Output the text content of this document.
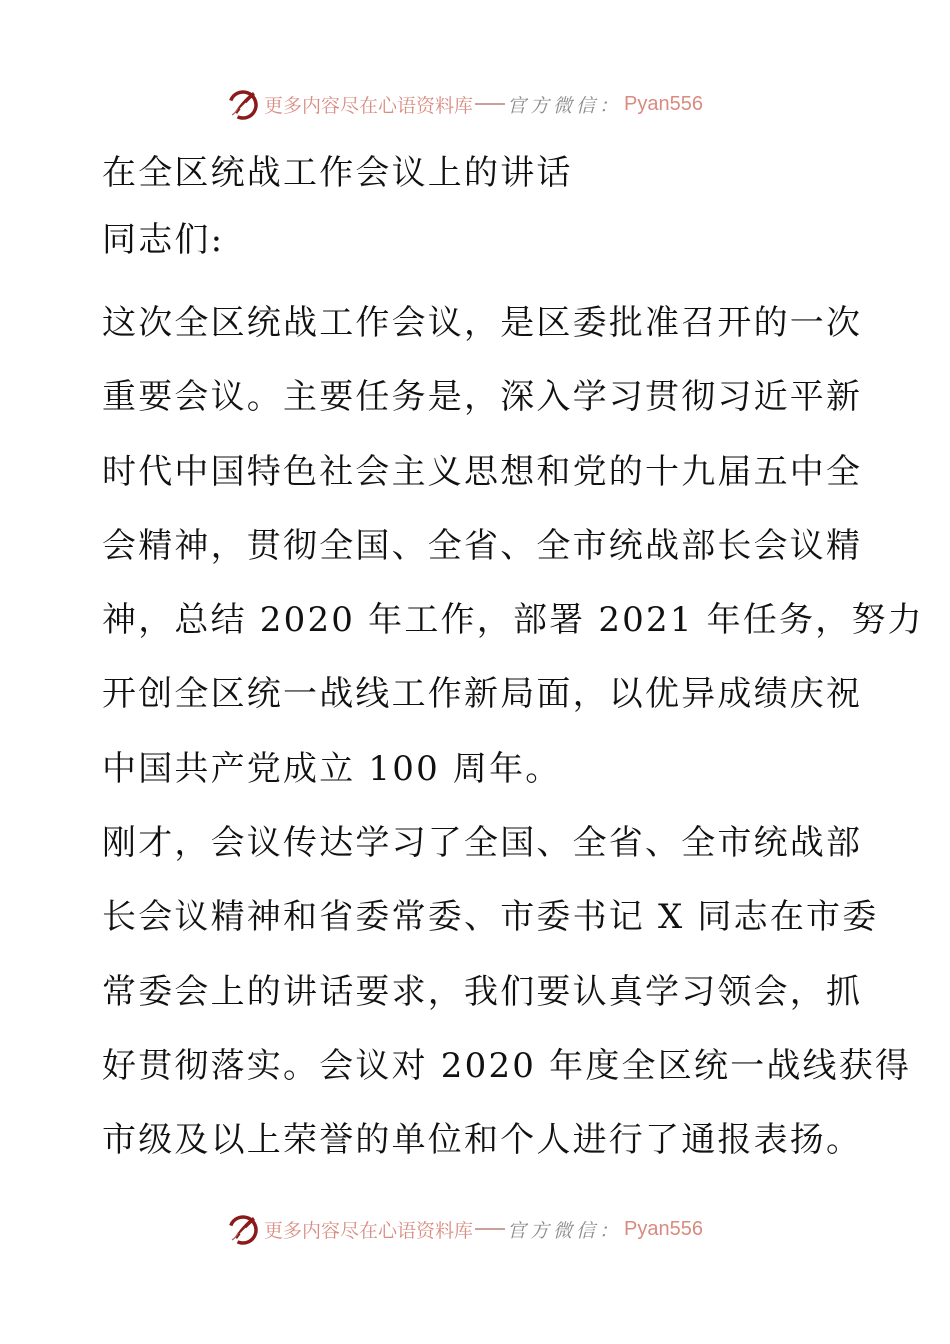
更多内容尽在心语资料库 官方微信： Pyan556
在全区统战工作会议上的讲话
同志们:
这次全区统战工作会议，是区委批准召开的一次
重要会议。主要任务是，深入学习贯彻习近平新
时代中国特色社会主义思想和党的十九届五中全
会精神，贯彻全国、全省、全市统战部长会议精
神，总结 2020 年工作，部署 2021 年任务，努力
开创全区统一战线工作新局面，以优异成绩庆祝
中国共产党成立 100 周年。
刚才，会议传达学习了全国、全省、全市统战部
长会议精神和省委常委、市委书记 X 同志在市委
常委会上的讲话要求，我们要认真学习领会，抓
好贯彻落实。会议对 2020 年度全区统一战线获得
市级及以上荣誉的单位和个人进行了通报表扬。
更多内容尽在心语资料库 官方微信： Pyan556
